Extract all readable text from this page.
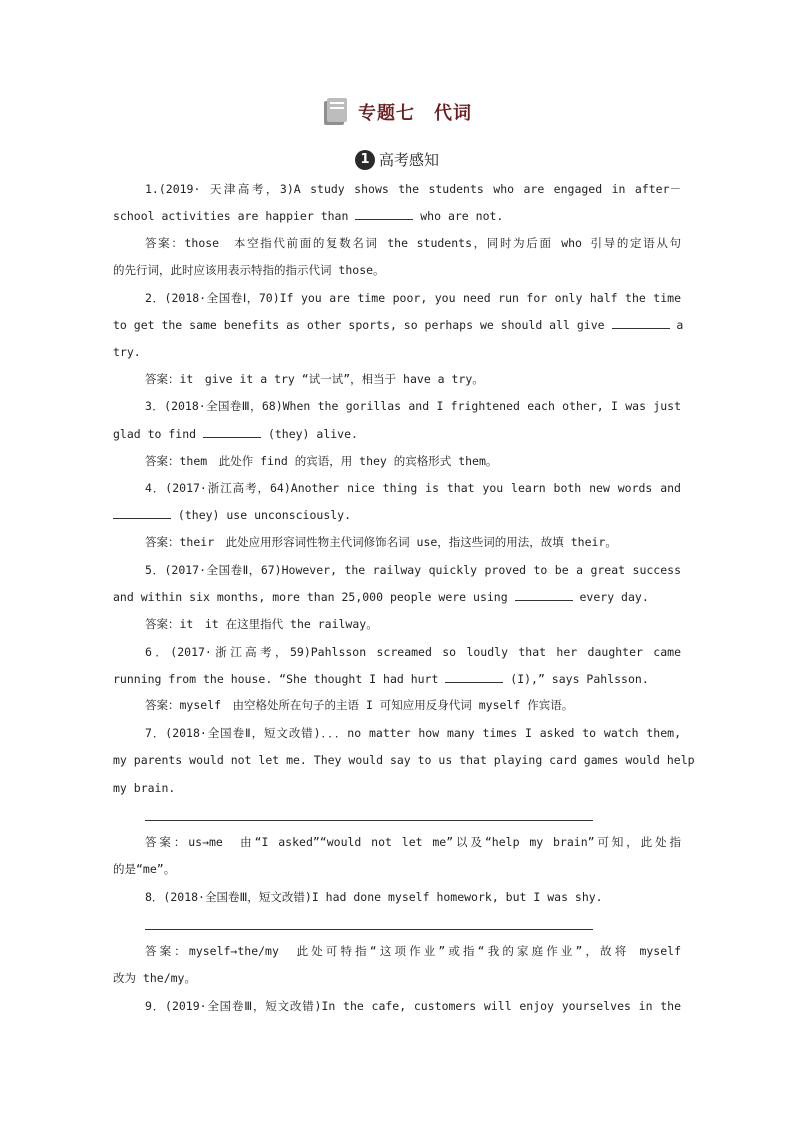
专题七　代词
1 高考感知
1.(2019· 天津高考，3)A study shows the students who are engaged in after－
school activities are happier than	who are not.
答案：those　本空指代前面的复数名词 the students，同时为后面 who 引导的定语从句
的先行词，此时应该用表示特指的指示代词 those。
2．(2018·全国卷Ⅰ，70)If you are time poor, you need run for only half the time
to get the same benefits as other sports, so perhaps we should all give	a
try.
答案：it　give it a try “试一试”，相当于 have a try。
3．(2018·全国卷Ⅲ，68)When the gorillas and I frightened each other, I was just
glad to find	(they) alive.
答案：them　此处作 find 的宾语，用 they 的宾格形式 them。
4．(2017·浙江高考，64)Another nice thing is that you learn both new words and
(they) use unconsciously.
答案：their　此处应用形容词性物主代词修饰名词 use，指这些词的用法，故填 their。
5．(2017·全国卷Ⅱ，67)However, the railway quickly proved to be a great success
and within six months, more than 25,000 people were using	every day.
答案：it　it 在这里指代 the railway。
6．(2017·浙江高考，59)Pahlsson screamed so loudly that her daughter came
running from the house. “She thought I had hurt	(I),” says Pahlsson.
答案：myself　由空格处所在句子的主语 I 可知应用反身代词 myself 作宾语。
7．(2018·全国卷Ⅱ，短文改错)．．．no matter how many times I asked to watch them,
my parents would not let me. They would say to us that playing card games would help
my brain.
答案：us→me　由“I asked”“would not let me”以及“help my brain”可知，此处指
的是“me”。
8．(2018·全国卷Ⅲ，短文改错)I had done myself homework, but I was shy.
答案：myself→the/my　此处可特指“这项作业”或指“我的家庭作业”，故将 myself
改为 the/my。
9．(2019·全国卷Ⅲ，短文改错)In the cafe, customers will enjoy yourselves in the
